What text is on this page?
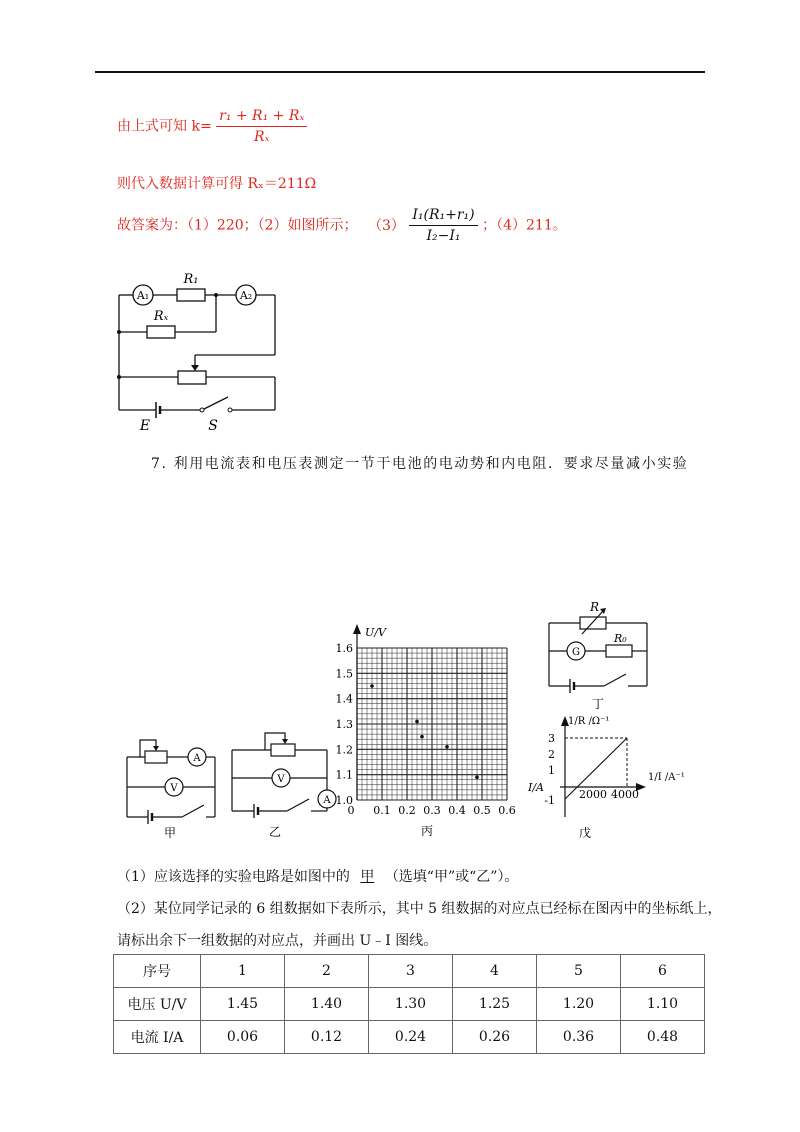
由上式可知 $k= \frac{\text{r₁ + R₁ + Rₓ}}{\text{Rₓ}}$
则代入数据计算可得 Rₓ＝211Ω
故答案为：（1）220；（2）如图所示； $(3) \frac{\text{I₁(R₁+r₁)}}{\text{I₂−I₁}}$ ；（4）211。
A₁	A₂
R₁
Rₓ
E	S
7. 利用电流表和电压表测定一节干电池的电动势和内电阻．要求尽量减小实验
A
V
甲
V
A
乙
U/V
1.0
1.1
1.2
1.3
1.4
1.5
1.6
0 0.1 0.2 0.3 0.4 0.5 0.6
丙
R
R₀
G
丁
1/R /Ω⁻¹
1/I /A⁻¹
I/A
3
2
1
-1 2000 4000
戊
（1）应该选择的实验电路是如图中的 甲 （选填“甲”或“乙”）。
（2）某位同学记录的 6 组数据如下表所示，其中 5 组数据的对应点已经标在图丙中的坐标纸上，
请标出余下一组数据的对应点，并画出 U﹣I 图线。
序号	1	2	3	4	5	6
电压 U/V	1.45	1.40	1.30	1.25	1.20	1.10
电流 I/A	0.06	0.12	0.24	0.26	0.36	0.48
